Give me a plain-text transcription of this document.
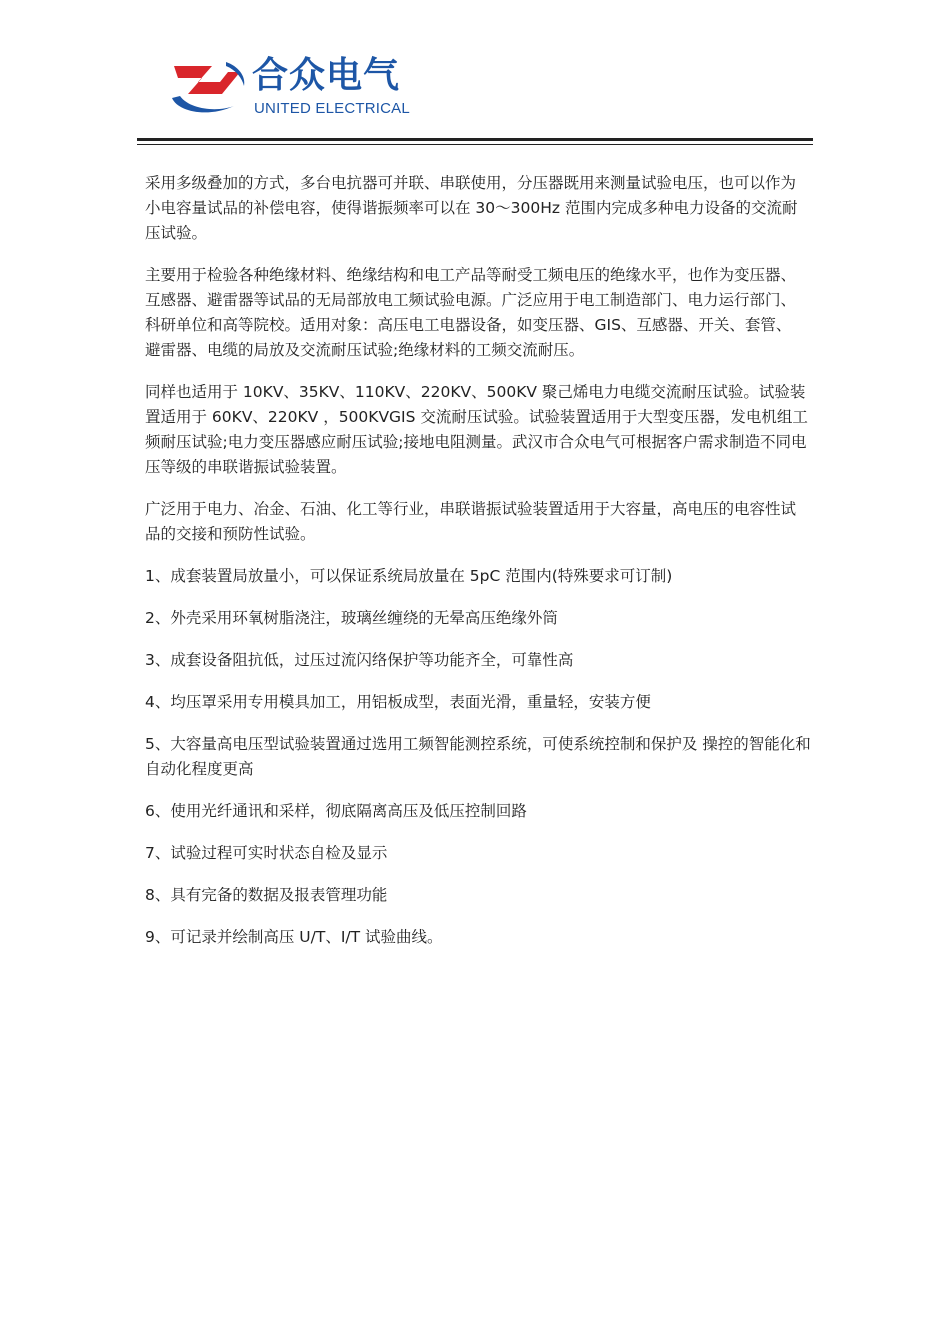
合众电气
UNITED ELECTRICAL

采用多级叠加的方式，多台电抗器可并联、串联使用，分压器既用来测量试验电压，也可以作为小电容量试品的补偿电容，使得谐振频率可以在 30～300Hz 范围内完成多种电力设备的交流耐压试验。

主要用于检验各种绝缘材料、绝缘结构和电工产品等耐受工频电压的绝缘水平，也作为变压器、互感器、避雷器等试品的无局部放电工频试验电源。广泛应用于电工制造部门、电力运行部门、科研单位和高等院校。适用对象：高压电工电器设备，如变压器、GIS、互感器、开关、套管、 避雷器、电缆的局放及交流耐压试验;绝缘材料的工频交流耐压。

同样也适用于 10KV、35KV、110KV、220KV、500KV 聚己烯电力电缆交流耐压试验。试验装置适用于 60KV、220KV ，500KVGIS 交流耐压试验。试验装置适用于大型变压器，发电机组工频耐压试验;电力变压器感应耐压试验;接地电阻测量。武汉市合众电气可根据客户需求制造不同电压等级的串联谐振试验装置。

广泛用于电力、冶金、石油、化工等行业，串联谐振试验装置适用于大容量，高电压的电容性试品的交接和预防性试验。

1、成套装置局放量小，可以保证系统局放量在 5pC 范围内(特殊要求可订制)

2、外壳采用环氧树脂浇注，玻璃丝缠绕的无晕高压绝缘外筒

3、成套设备阻抗低，过压过流闪络保护等功能齐全，可靠性高

4、均压罩采用专用模具加工，用铝板成型，表面光滑，重量轻，安装方便

5、大容量高电压型试验装置通过选用工频智能测控系统，可使系统控制和保护及 操控的智能化和自动化程度更高

6、使用光纤通讯和采样，彻底隔离高压及低压控制回路

7、试验过程可实时状态自检及显示

8、具有完备的数据及报表管理功能

9、可记录并绘制高压 U/T、I/T 试验曲线。
